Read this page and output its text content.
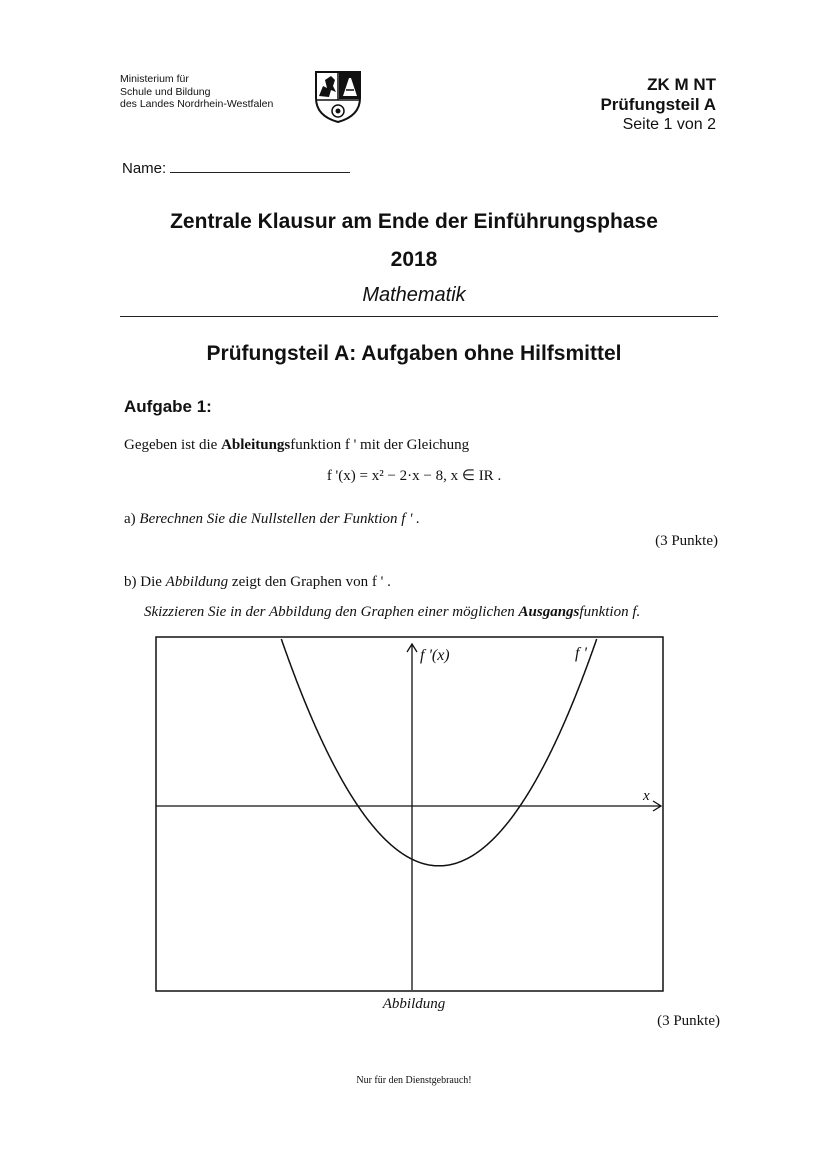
Ministerium für
Schule und Bildung
des Landes Nordrhein-Westfalen
ZK M NT
Prüfungsteil A
Seite 1 von 2
Name:
Zentrale Klausur am Ende der Einführungsphase
2018
Mathematik
Prüfungsteil A: Aufgaben ohne Hilfsmittel
Aufgabe 1:
Gegeben ist die Ableitungsfunktion f ' mit der Gleichung
f '(x) = x² − 2·x − 8, x ∈ IR .
a) Berechnen Sie die Nullstellen der Funktion f ' .
(3 Punkte)
b) Die Abbildung zeigt den Graphen von f ' .
Skizzieren Sie in der Abbildung den Graphen einer möglichen Ausgangsfunktion f.
f '(x)
x
f '
Abbildung
(3 Punkte)
Nur für den Dienstgebrauch!
